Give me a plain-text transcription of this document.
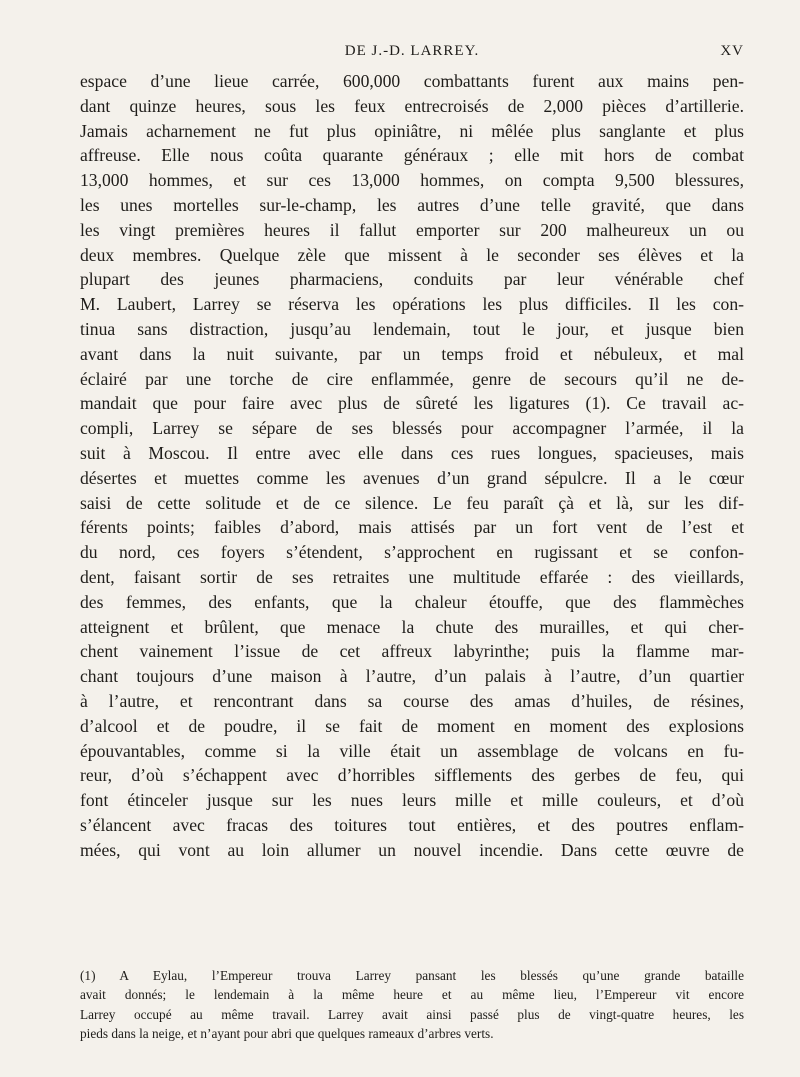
DE J.-D. LARREY.	XV
espace d’une lieue carrée, 600,000 combattants furent aux mains pen-
dant quinze heures, sous les feux entrecroisés de 2,000 pièces d’artillerie.
Jamais acharnement ne fut plus opiniâtre, ni mêlée plus sanglante et plus
affreuse. Elle nous coûta quarante généraux ; elle mit hors de combat
13,000 hommes, et sur ces 13,000 hommes, on compta 9,500 blessures,
les unes mortelles sur-le-champ, les autres d’une telle gravité, que dans
les vingt premières heures il fallut emporter sur 200 malheureux un ou
deux membres. Quelque zèle que missent à le seconder ses élèves et la
plupart des jeunes pharmaciens, conduits par leur vénérable chef
M. Laubert, Larrey se réserva les opérations les plus difficiles. Il les con-
tinua sans distraction, jusqu’au lendemain, tout le jour, et jusque bien
avant dans la nuit suivante, par un temps froid et nébuleux, et mal
éclairé par une torche de cire enflammée, genre de secours qu’il ne de-
mandait que pour faire avec plus de sûreté les ligatures (1). Ce travail ac-
compli, Larrey se sépare de ses blessés pour accompagner l’armée, il la
suit à Moscou. Il entre avec elle dans ces rues longues, spacieuses, mais
désertes et muettes comme les avenues d’un grand sépulcre. Il a le cœur
saisi de cette solitude et de ce silence. Le feu paraît çà et là, sur les dif-
férents points; faibles d’abord, mais attisés par un fort vent de l’est et
du nord, ces foyers s’étendent, s’approchent en rugissant et se confon-
dent, faisant sortir de ses retraites une multitude effarée : des vieillards,
des femmes, des enfants, que la chaleur étouffe, que des flammèches
atteignent et brûlent, que menace la chute des murailles, et qui cher-
chent vainement l’issue de cet affreux labyrinthe; puis la flamme mar-
chant toujours d’une maison à l’autre, d’un palais à l’autre, d’un quartier
à l’autre, et rencontrant dans sa course des amas d’huiles, de résines,
d’alcool et de poudre, il se fait de moment en moment des explosions
épouvantables, comme si la ville était un assemblage de volcans en fu-
reur, d’où s’échappent avec d’horribles sifflements des gerbes de feu, qui
font étinceler jusque sur les nues leurs mille et mille couleurs, et d’où
s’élancent avec fracas des toitures tout entières, et des poutres enflam-
mées, qui vont au loin allumer un nouvel incendie. Dans cette œuvre de
(1) A Eylau, l’Empereur trouva Larrey pansant les blessés qu’une grande bataille
avait donnés; le lendemain à la même heure et au même lieu, l’Empereur vit encore
Larrey occupé au même travail. Larrey avait ainsi passé plus de vingt-quatre heures, les
pieds dans la neige, et n’ayant pour abri que quelques rameaux d’arbres verts.
